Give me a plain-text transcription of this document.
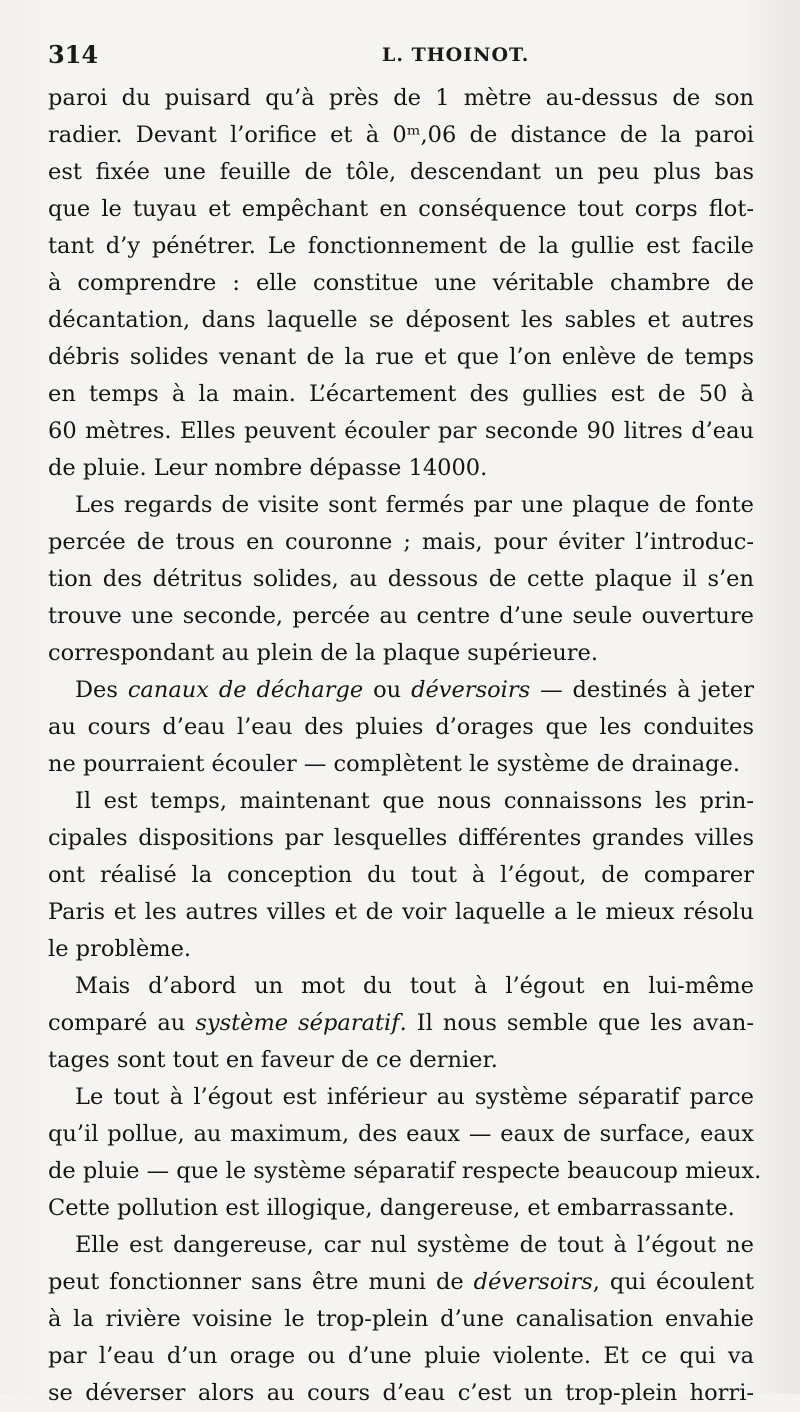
314	L. THOINOT.
paroi du puisard qu’à près de 1 mètre au-dessus de son
radier. Devant l’orifice et à 0ᵐ,06 de distance de la paroi
est fixée une feuille de tôle, descendant un peu plus bas
que le tuyau et empêchant en conséquence tout corps flot-
tant d’y pénétrer. Le fonctionnement de la gullie est facile
à comprendre : elle constitue une véritable chambre de
décantation, dans laquelle se déposent les sables et autres
débris solides venant de la rue et que l’on enlève de temps
en temps à la main. L’écartement des gullies est de 50 à
60 mètres. Elles peuvent écouler par seconde 90 litres d’eau
de pluie. Leur nombre dépasse 14000.
Les regards de visite sont fermés par une plaque de fonte
percée de trous en couronne ; mais, pour éviter l’introduc-
tion des détritus solides, au dessous de cette plaque il s’en
trouve une seconde, percée au centre d’une seule ouverture
correspondant au plein de la plaque supérieure.
Des canaux de décharge ou déversoirs — destinés à jeter
au cours d’eau l’eau des pluies d’orages que les conduites
ne pourraient écouler — complètent le système de drainage.
Il est temps, maintenant que nous connaissons les prin-
cipales dispositions par lesquelles différentes grandes villes
ont réalisé la conception du tout à l’égout, de comparer
Paris et les autres villes et de voir laquelle a le mieux résolu
le problème.
Mais d’abord un mot du tout à l’égout en lui-même
comparé au système séparatif. Il nous semble que les avan-
tages sont tout en faveur de ce dernier.
Le tout à l’égout est inférieur au système séparatif parce
qu’il pollue, au maximum, des eaux — eaux de surface, eaux
de pluie — que le système séparatif respecte beaucoup mieux.
Cette pollution est illogique, dangereuse, et embarrassante.
Elle est dangereuse, car nul système de tout à l’égout ne
peut fonctionner sans être muni de déversoirs, qui écoulent
à la rivière voisine le trop-plein d’une canalisation envahie
par l’eau d’un orage ou d’une pluie violente. Et ce qui va
se déverser alors au cours d’eau c’est un trop-plein horri-
